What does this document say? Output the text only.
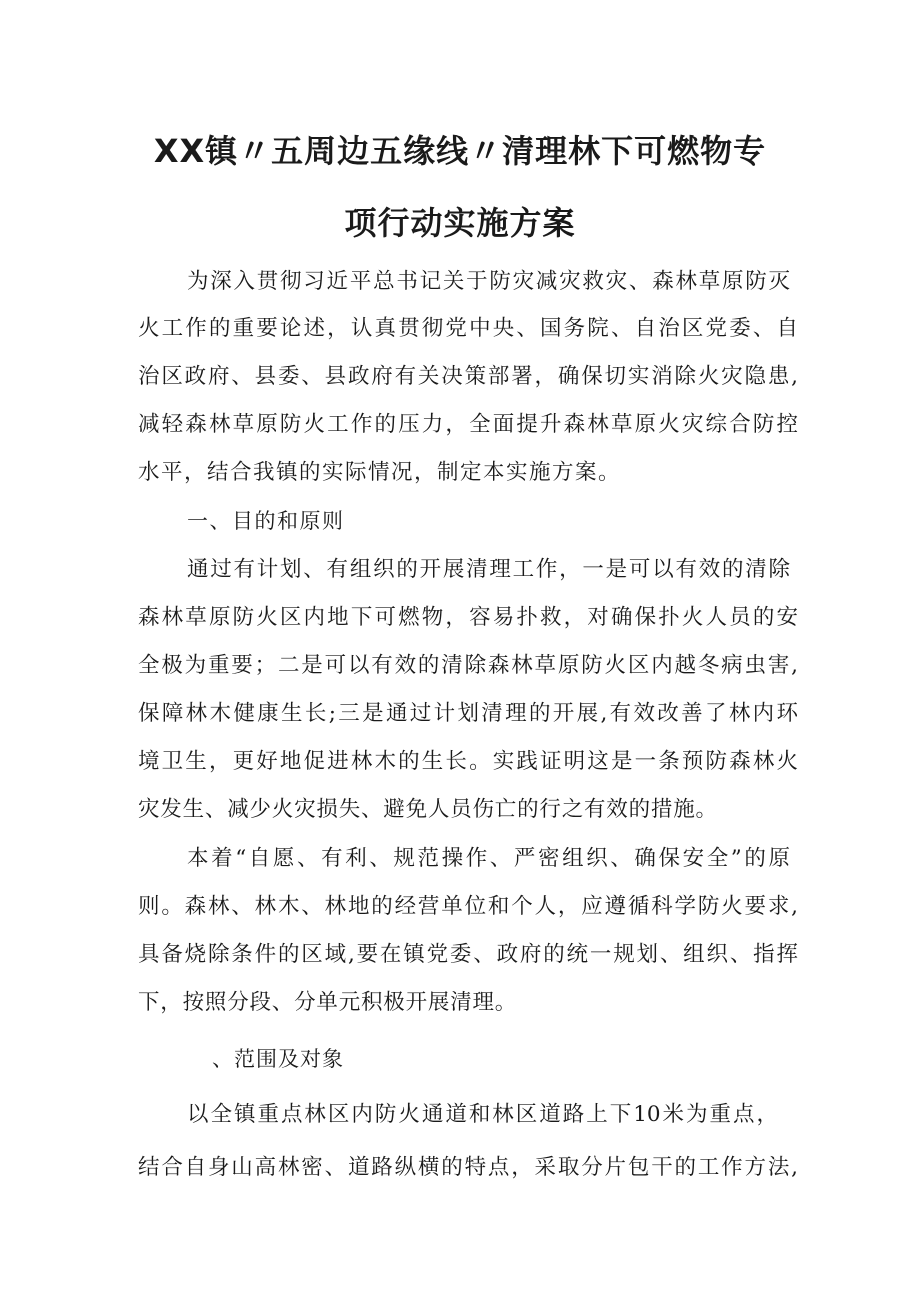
XX镇〃五周边五缘线〃清理林下可燃物专
项行动实施方案
为深入贯彻习近平总书记关于防灾减灾救灾、森林草原防灭
火工作的重要论述，认真贯彻党中央、国务院、自治区党委、自
治区政府、县委、县政府有关决策部署，确保切实消除火灾隐患,
减轻森林草原防火工作的压力，全面提升森林草原火灾综合防控
水平，结合我镇的实际情况，制定本实施方案。
一、目的和原则
通过有计划、有组织的开展清理工作，一是可以有效的清除
森林草原防火区内地下可燃物，容易扑救，对确保扑火人员的安
全极为重要；二是可以有效的清除森林草原防火区内越冬病虫害,
保障林木健康生长;三是通过计划清理的开展,有效改善了林内环
境卫生，更好地促进林木的生长。实践证明这是一条预防森林火
灾发生、减少火灾损失、避免人员伤亡的行之有效的措施。
本着“自愿、有利、规范操作、严密组织、确保安全”的原
则。森林、林木、林地的经营单位和个人，应遵循科学防火要求,
具备烧除条件的区域,要在镇党委、政府的统一规划、组织、指挥
下，按照分段、分单元积极开展清理。
、范围及对象
以全镇重点林区内防火通道和林区道路上下10米为重点，
结合自身山高林密、道路纵横的特点，采取分片包干的工作方法,
